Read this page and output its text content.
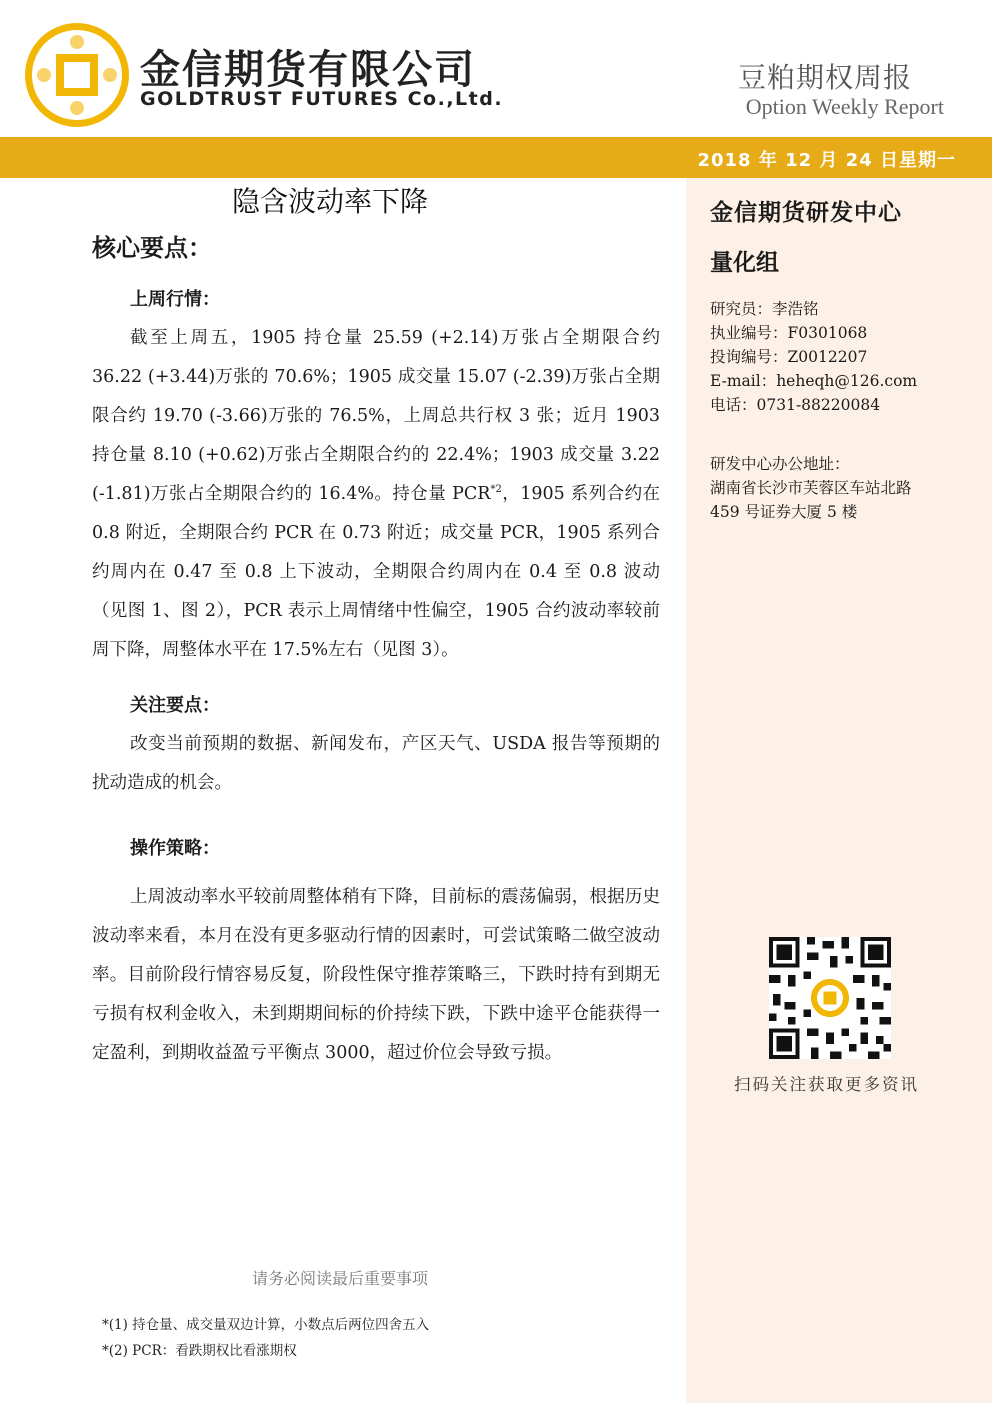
金信期货有限公司
GOLDTRUST FUTURES Co.,Ltd.
豆粕期权周报
Option Weekly Report
2018 年 12 月 24 日星期一
隐含波动率下降
核心要点：
上周行情：

截至上周五，1905 持仓量 25.59 (+2.14)万张占全期限合约 36.22 (+3.44)万张的 70.6%；1905 成交量 15.07 (-2.39)万张占全期限合约 19.70 (-3.66)万张的 76.5%，上周总共行权 3 张；近月 1903 持仓量 8.10 (+0.62)万张占全期限合约的 22.4%；1903 成交量 3.22 (-1.81)万张占全期限合约的 16.4%。持仓量 PCR$^{*2}$，1905 系列合约在 0.8 附近，全期限合约 PCR 在 0.73 附近；成交量 PCR，1905 系列合约周内在 0.47 至 0.8 上下波动，全期限合约周内在 0.4 至 0.8 波动（见图 1、图 2），PCR 表示上周情绪中性偏空，1905 合约波动率较前周下降，周整体水平在 17.5%左右（见图 3）。

关注要点：

改变当前预期的数据、新闻发布，产区天气、USDA 报告等预期的扰动造成的机会。

操作策略：

上周波动率水平较前周整体稍有下降，目前标的震荡偏弱，根据历史波动率来看，本月在没有更多驱动行情的因素时，可尝试策略二做空波动率。目前阶段行情容易反复，阶段性保守推荐策略三，下跌时持有到期无亏损有权利金收入，未到期期间标的价持续下跌，下跌中途平仓能获得一定盈利，到期收益盈亏平衡点 3000，超过价位会导致亏损。

金信期货研发中心
量化组
研究员：李浩铭
执业编号：F0301068
投询编号：Z0012207
E-mail：heheqh@126.com
电话：0731-88220084
研发中心办公地址：
湖南省长沙市芙蓉区车站北路
459 号证券大厦 5 楼
扫码关注获取更多资讯
请务必阅读最后重要事项
*(1) 持仓量、成交量双边计算，小数点后两位四舍五入
*(2) PCR：看跌期权比看涨期权
